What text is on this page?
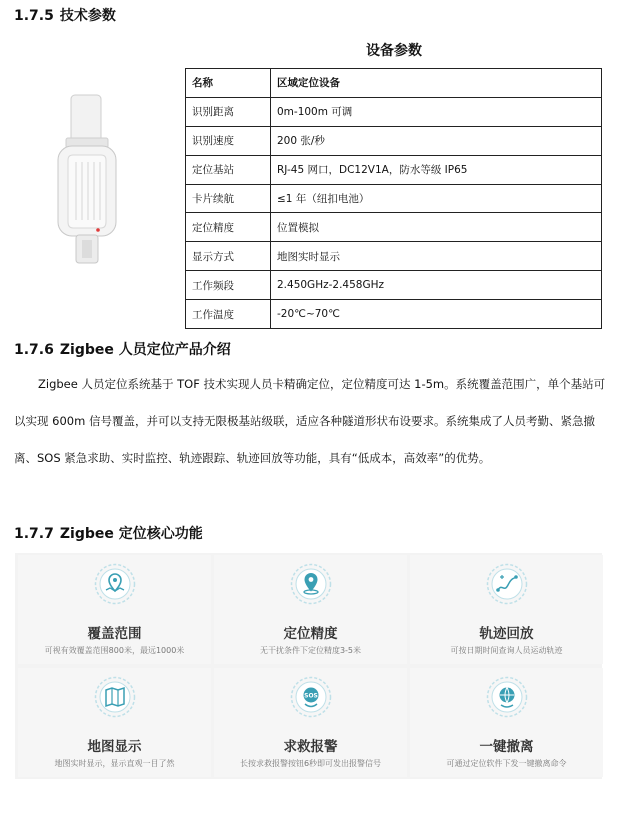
1.7.5 技术参数
设备参数
名称	区域定位设备
识别距离	0m-100m 可调
识别速度	200 张/秒
定位基站	RJ-45 网口，DC12V1A，防水等级 IP65
卡片续航	≤1 年（纽扣电池）
定位精度	位置模拟
显示方式	地图实时显示
工作频段	2.450GHz-2.458GHz
工作温度	-20℃~70℃
1.7.6 Zigbee 人员定位产品介绍

Zigbee 人员定位系统基于 TOF 技术实现人员卡精确定位，定位精度可达 1-5m。系统覆盖范围广，单个基站可以实现 600m 信号覆盖，并可以支持无限极基站级联，适应各种隧道形状布设要求。系统集成了人员考勤、紧急撤离、SOS 紧急求助、实时监控、轨迹跟踪、轨迹回放等功能，具有“低成本，高效率”的优势。

1.7.7 Zigbee 定位核心功能
覆盖范围
可视有效覆盖范围800米，最远1000米
定位精度
无干扰条件下定位精度3-5米
轨迹回放
可按日期时间查询人员运动轨迹
地图显示
地图实时显示，显示直观一目了然
SOS
求救报警
长按求救报警按钮6秒即可发出报警信号
一键撤离
可通过定位软件下发一键撤离命令
